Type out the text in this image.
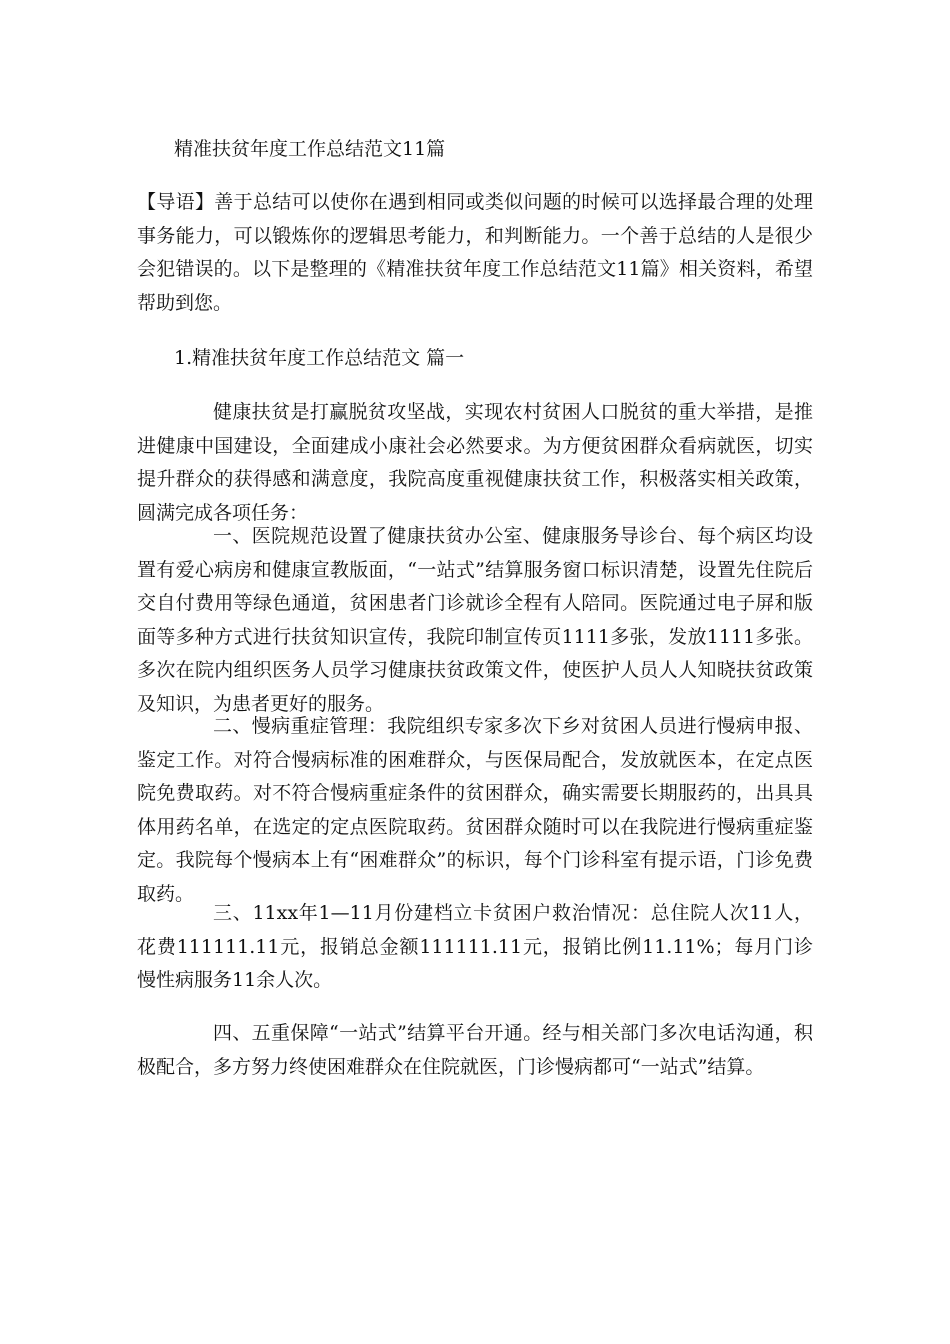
精准扶贫年度工作总结范文11篇

【导语】善于总结可以使你在遇到相同或类似问题的时候可以选择最合理的处理事务能力，可以锻炼你的逻辑思考能力，和判断能力。一个善于总结的人是很少会犯错误的。以下是整理的《精准扶贫年度工作总结范文11篇》相关资料，希望帮助到您。

1.精准扶贫年度工作总结范文 篇一

健康扶贫是打赢脱贫攻坚战，实现农村贫困人口脱贫的重大举措，是推进健康中国建设，全面建成小康社会必然要求。为方便贫困群众看病就医，切实提升群众的获得感和满意度，我院高度重视健康扶贫工作，积极落实相关政策，圆满完成各项任务：

一、医院规范设置了健康扶贫办公室、健康服务导诊台、每个病区均设置有爱心病房和健康宣教版面，“一站式”结算服务窗口标识清楚，设置先住院后交自付费用等绿色通道，贫困患者门诊就诊全程有人陪同。医院通过电子屏和版面等多种方式进行扶贫知识宣传，我院印制宣传页1111多张，发放1111多张。多次在院内组织医务人员学习健康扶贫政策文件，使医护人员人人知晓扶贫政策及知识，为患者更好的服务。

二、慢病重症管理：我院组织专家多次下乡对贫困人员进行慢病申报、鉴定工作。对符合慢病标准的困难群众，与医保局配合，发放就医本，在定点医院免费取药。对不符合慢病重症条件的贫困群众，确实需要长期服药的，出具具体用药名单，在选定的定点医院取药。贫困群众随时可以在我院进行慢病重症鉴定。我院每个慢病本上有“困难群众”的标识，每个门诊科室有提示语，门诊免费取药。

三、11xx年1—11月份建档立卡贫困户救治情况：总住院人次11人，花费111111.11元，报销总金额111111.11元，报销比例11.11%；每月门诊慢性病服务11余人次。

四、五重保障“一站式”结算平台开通。经与相关部门多次电话沟通，积极配合，多方努力终使困难群众在住院就医，门诊慢病都可“一站式”结算。
